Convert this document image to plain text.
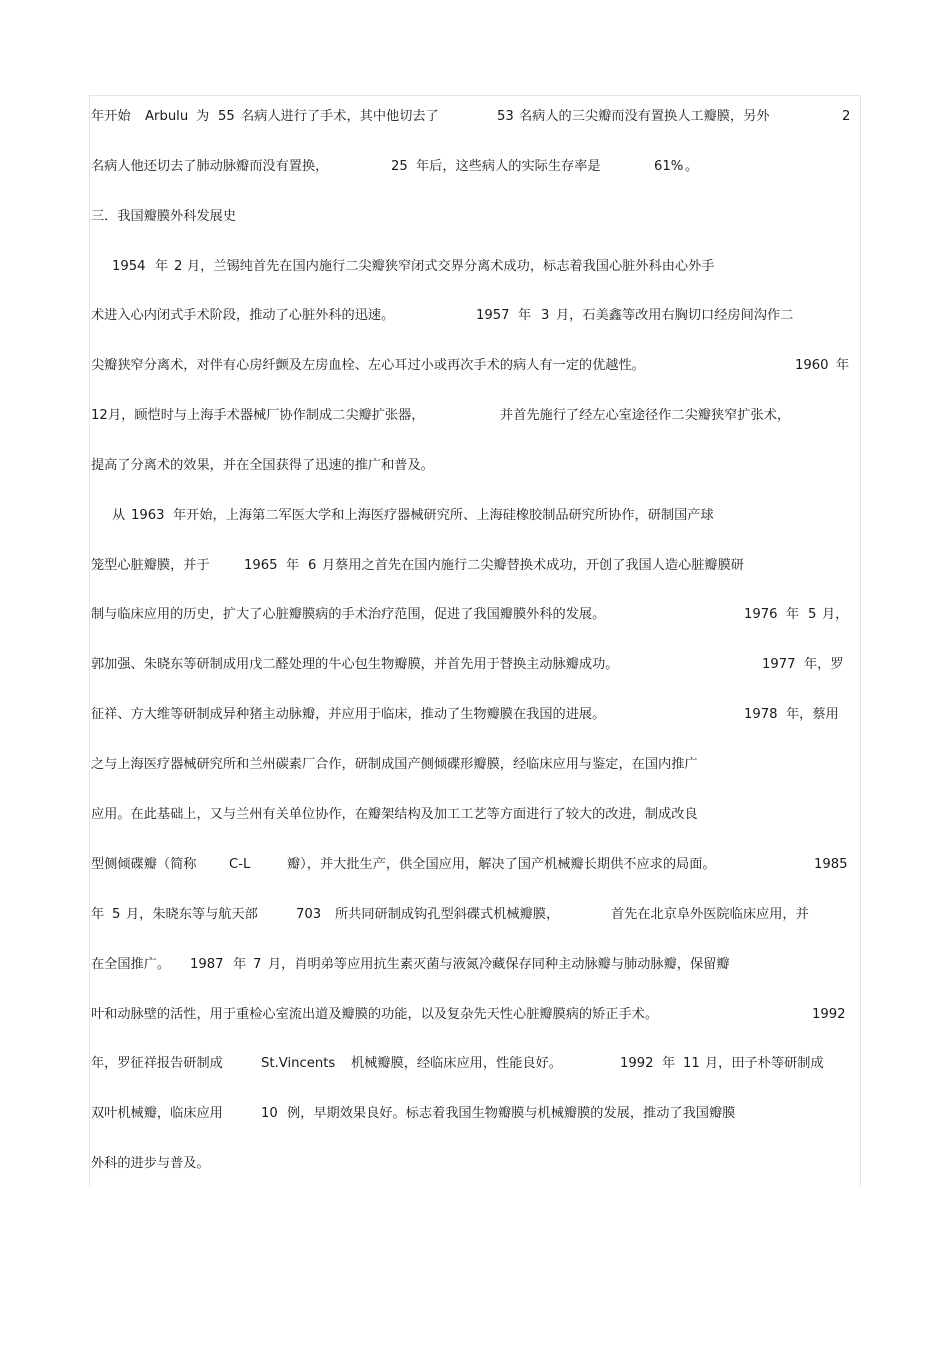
年开始 Arbulu 为 55 名病人进行了手术，其中他切去了	53 名病人的三尖瓣而没有置换人工瓣膜，另外	2
名病人他还切去了肺动脉瓣而没有置换，	25 年后，这些病人的实际生存率是	61% 。
三．我国瓣膜外科发展史
1954 年 2 月，兰锡纯首先在国内施行二尖瓣狭窄闭式交界分离术成功，标志着我国心脏外科由心外手
术进入心内闭式手术阶段，推动了心脏外科的迅速。	1957 年 3 月，石美鑫等改用右胸切口经房间沟作二
尖瓣狭窄分离术，对伴有心房纤颤及左房血栓、左心耳过小或再次手术的病人有一定的优越性。	1960 年
12 月，顾恺时与上海手术器械厂协作制成二尖瓣扩张器，	并首先施行了经左心室途径作二尖瓣狭窄扩张术，
提高了分离术的效果，并在全国获得了迅速的推广和普及。
从 1963 年开始，上海第二军医大学和上海医疗器械研究所、上海硅橡胶制品研究所协作，研制国产球
笼型心脏瓣膜，并于	1965 年 6 月蔡用之首先在国内施行二尖瓣替换术成功，开创了我国人造心脏瓣膜研
制与临床应用的历史，扩大了心脏瓣膜病的手术治疗范围，促进了我国瓣膜外科的发展。	1976 年 5 月，
郭加强、朱晓东等研制成用戊二醛处理的牛心包生物瓣膜，并首先用于替换主动脉瓣成功。	1977 年，罗
征祥、方大维等研制成异种猪主动脉瓣，并应用于临床，推动了生物瓣膜在我国的进展。	1978 年，蔡用
之与上海医疗器械研究所和兰州碳素厂合作，研制成国产侧倾碟形瓣膜，经临床应用与鉴定，在国内推广
应用。在此基础上，又与兰州有关单位协作，在瓣架结构及加工工艺等方面进行了较大的改进，制成改良
型侧倾碟瓣（简称 C-L	瓣），并大批生产，供全国应用，解决了国产机械瓣长期供不应求的局面。	1985
年 5 月，朱晓东等与航天部	703 所共同研制成钩孔型斜碟式机械瓣膜，	首先在北京阜外医院临床应用，并
在全国推广。 1987 年 7 月，肖明弟等应用抗生素灭菌与液氮冷藏保存同种主动脉瓣与肺动脉瓣，保留瓣
叶和动脉壁的活性，用于重检心室流出道及瓣膜的功能，以及复杂先天性心脏瓣膜病的矫正手术。	1992
年，罗征祥报告研制成	St.Vincents 机械瓣膜，经临床应用，性能良好。	1992 年 11 月，田子朴等研制成
双叶机械瓣，临床应用	10 例，早期效果良好。标志着我国生物瓣膜与机械瓣膜的发展，推动了我国瓣膜
外科的进步与普及。
